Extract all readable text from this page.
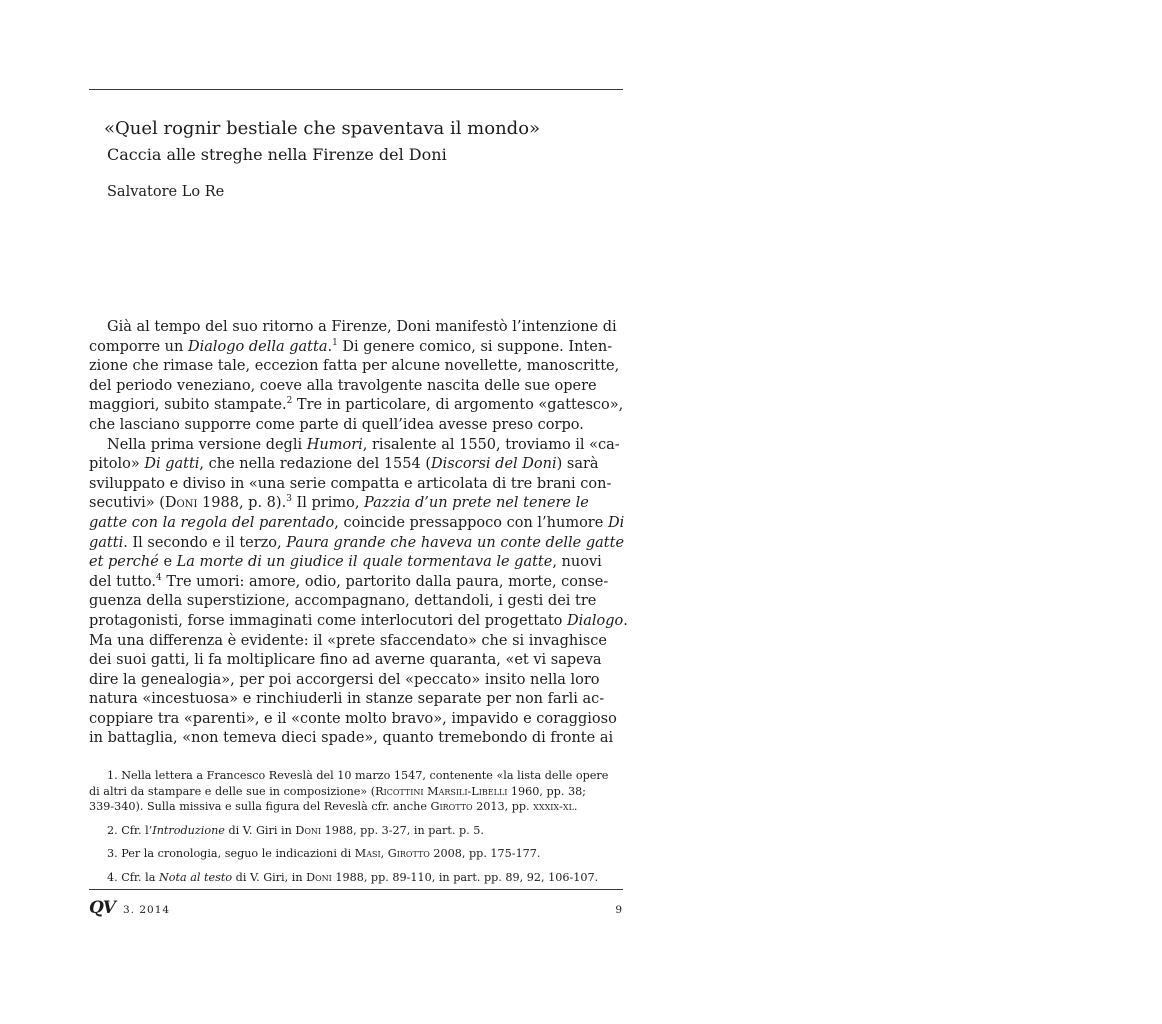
«Quel rognir bestiale che spaventava il mondo»
Caccia alle streghe nella Firenze del Doni
Salvatore Lo Re
Già al tempo del suo ritorno a Firenze, Doni manifestò l’intenzione di
comporre un Dialogo della gatta.$^1$ Di genere comico, si suppone. Inten-
zione che rimase tale, eccezion fatta per alcune novellette, manoscritte,
del periodo veneziano, coeve alla travolgente nascita delle sue opere
maggiori, subito stampate.$^2$ Tre in particolare, di argomento «gattesco»,
che lasciano supporre come parte di quell’idea avesse preso corpo.
Nella prima versione degli Humori, risalente al 1550, troviamo il «ca-
pitolo» Di gatti, che nella redazione del 1554 (Discorsi del Doni) sarà
sviluppato e diviso in «una serie compatta e articolata di tre brani con-
secutivi» (Doni 1988, p. 8).$^3$ Il primo, Pazzia d’un prete nel tenere le
gatte con la regola del parentado, coincide pressappoco con l’humore Di
gatti. Il secondo e il terzo, Paura grande che haveva un conte delle gatte
et perché e La morte di un giudice il quale tormentava le gatte, nuovi
del tutto.$^4$ Tre umori: amore, odio, partorito dalla paura, morte, conse-
guenza della superstizione, accompagnano, dettandoli, i gesti dei tre
protagonisti, forse immaginati come interlocutori del progettato Dialogo.
Ma una differenza è evidente: il «prete sfaccendato» che si invaghisce
dei suoi gatti, li fa moltiplicare fino ad averne quaranta, «et vi sapeva
dire la genealogia», per poi accorgersi del «peccato» insito nella loro
natura «incestuosa» e rinchiuderli in stanze separate per non farli ac-
coppiare tra «parenti», e il «conte molto bravo», impavido e coraggioso
in battaglia, «non temeva dieci spade», quanto tremebondo di fronte ai
1. Nella lettera a Francesco Reveslà del 10 marzo 1547, contenente «la lista delle opere
di altri da stampare e delle sue in composizione» (Ricottini Marsili-Libelli 1960, pp. 38;
339-340). Sulla missiva e sulla figura del Reveslà cfr. anche Girotto 2013, pp. xxxix-xl.
2. Cfr. l’Introduzione di V. Giri in Doni 1988, pp. 3-27, in part. p. 5.
3. Per la cronologia, seguo le indicazioni di Masi, Girotto 2008, pp. 175-177.
4. Cfr. la Nota al testo di V. Giri, in Doni 1988, pp. 89-110, in part. pp. 89, 92, 106-107.
QV 3. 2014	9
